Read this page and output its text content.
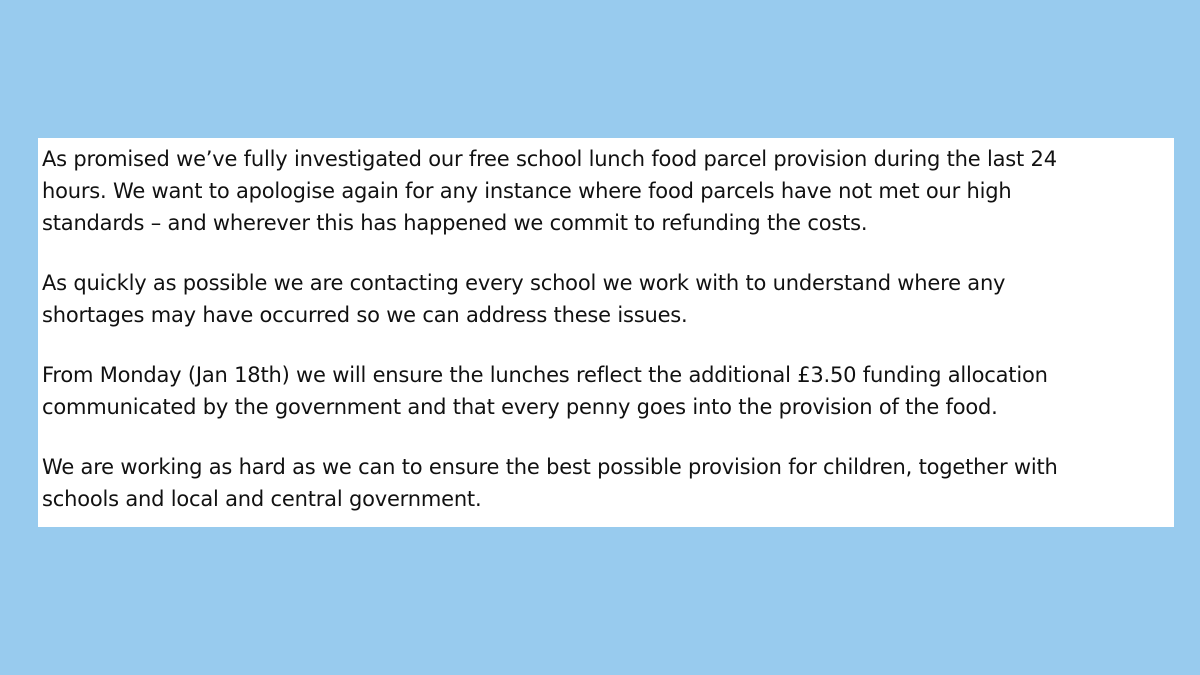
As promised we’ve fully investigated our free school lunch food parcel provision during the last 24
hours. We want to apologise again for any instance where food parcels have not met our high
standards – and wherever this has happened we commit to refunding the costs.

As quickly as possible we are contacting every school we work with to understand where any
shortages may have occurred so we can address these issues.

From Monday (Jan 18th) we will ensure the lunches reflect the additional £3.50 funding allocation
communicated by the government and that every penny goes into the provision of the food.

We are working as hard as we can to ensure the best possible provision for children, together with
schools and local and central government.
